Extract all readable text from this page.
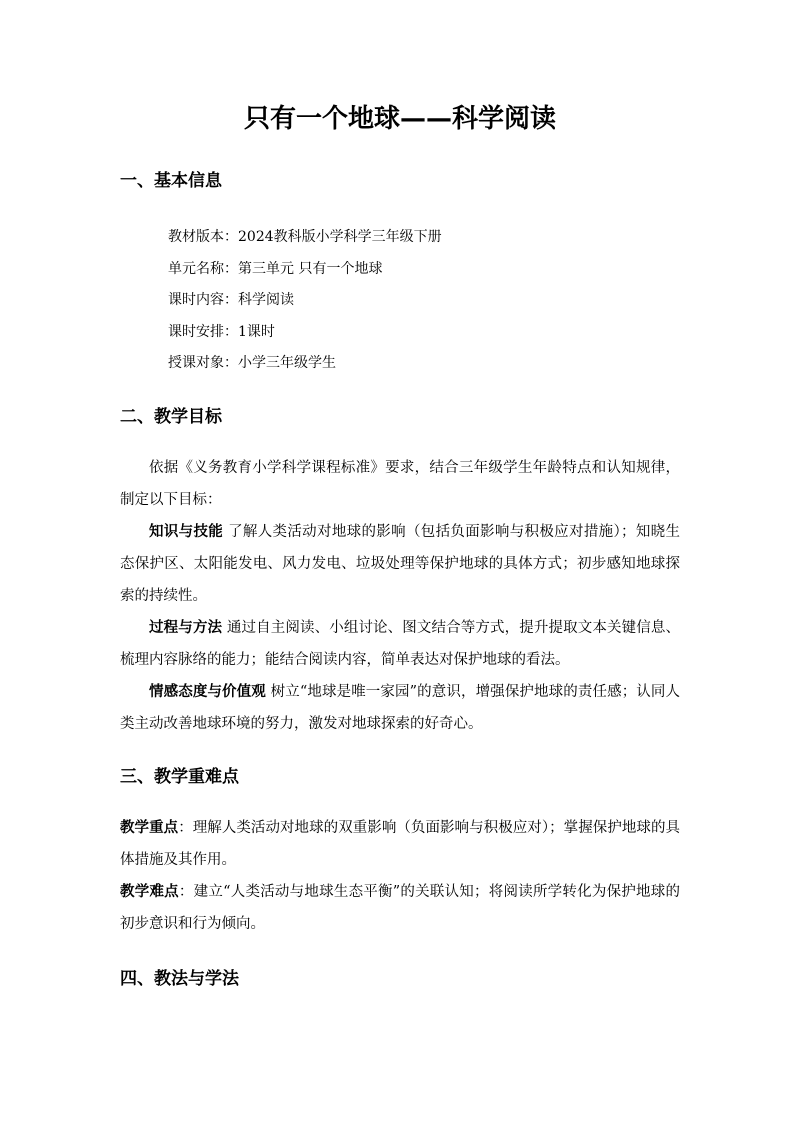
只有一个地球——科学阅读
一、基本信息
教材版本：2024教科版小学科学三年级下册
单元名称：第三单元 只有一个地球
课时内容：科学阅读
课时安排：1课时
授课对象：小学三年级学生
二、教学目标
依据《义务教育小学科学课程标准》要求，结合三年级学生年龄特点和认知规律，制定以下目标：
知识与技能 了解人类活动对地球的影响（包括负面影响与积极应对措施）；知晓生态保护区、太阳能发电、风力发电、垃圾处理等保护地球的具体方式；初步感知地球探索的持续性。
过程与方法 通过自主阅读、小组讨论、图文结合等方式，提升提取文本关键信息、梳理内容脉络的能力；能结合阅读内容，简单表达对保护地球的看法。
情感态度与价值观 树立“地球是唯一家园”的意识，增强保护地球的责任感；认同人类主动改善地球环境的努力，激发对地球探索的好奇心。
三、教学重难点
教学重点：理解人类活动对地球的双重影响（负面影响与积极应对）；掌握保护地球的具体措施及其作用。
教学难点：建立“人类活动与地球生态平衡”的关联认知；将阅读所学转化为保护地球的初步意识和行为倾向。
四、教法与学法
